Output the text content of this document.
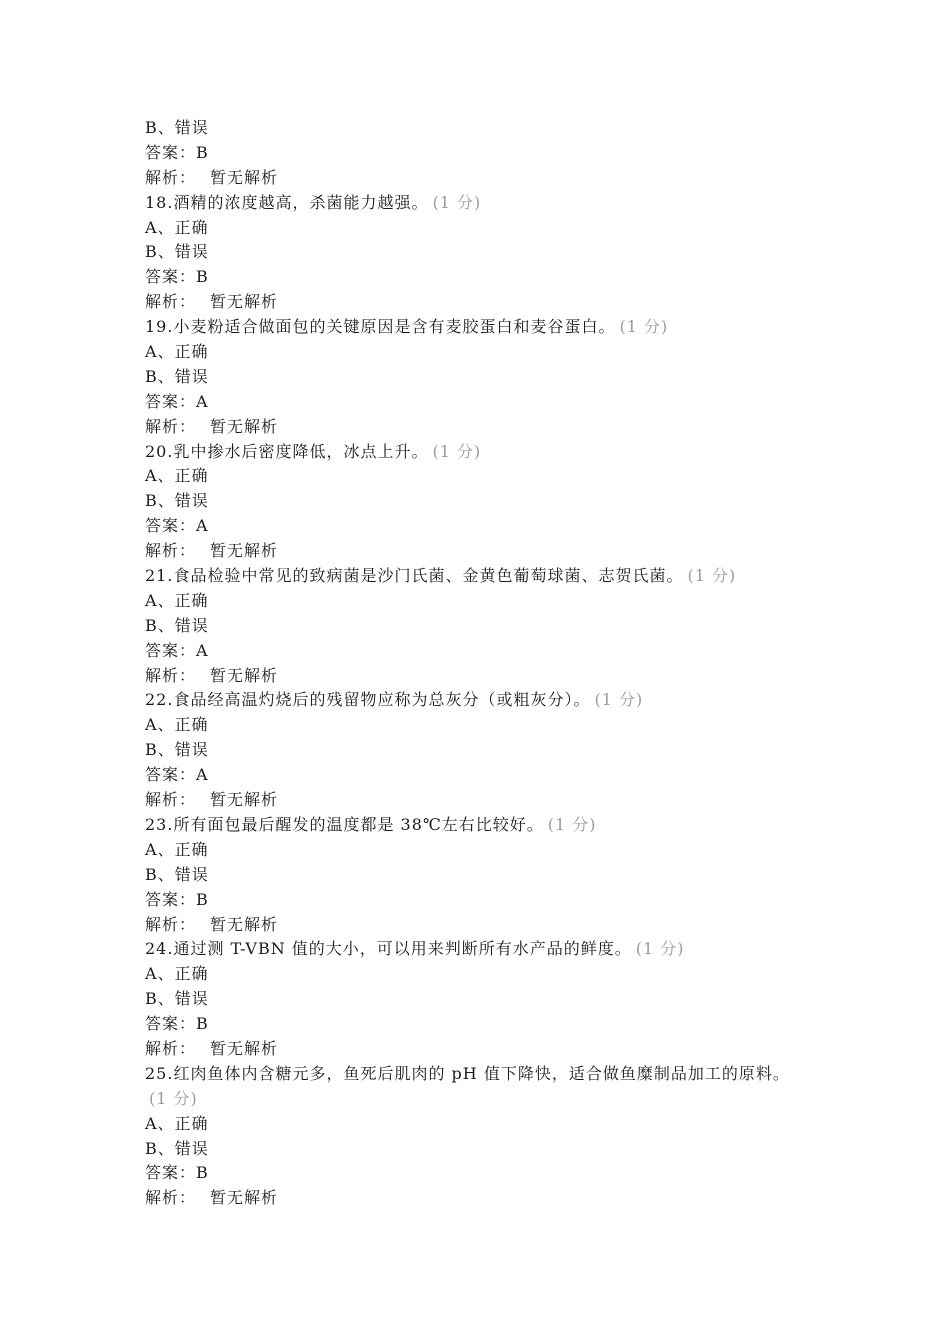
B、错误
答案：B
解析： 暂无解析
18.酒精的浓度越高，杀菌能力越强。 (1 分)
A、正确
B、错误
答案：B
解析： 暂无解析
19.小麦粉适合做面包的关键原因是含有麦胶蛋白和麦谷蛋白。 (1 分)
A、正确
B、错误
答案：A
解析： 暂无解析
20.乳中掺水后密度降低，冰点上升。 (1 分)
A、正确
B、错误
答案：A
解析： 暂无解析
21.食品检验中常见的致病菌是沙门氏菌、金黄色葡萄球菌、志贺氏菌。 (1 分)
A、正确
B、错误
答案：A
解析： 暂无解析
22.食品经高温灼烧后的残留物应称为总灰分（或粗灰分）。 (1 分)
A、正确
B、错误
答案：A
解析： 暂无解析
23.所有面包最后醒发的温度都是 38℃左右比较好。 (1 分)
A、正确
B、错误
答案：B
解析： 暂无解析
24.通过测 T-VBN 值的大小，可以用来判断所有水产品的鲜度。 (1 分)
A、正确
B、错误
答案：B
解析： 暂无解析
25.红肉鱼体内含糖元多，鱼死后肌肉的 pH 值下降快，适合做鱼糜制品加工的原料。(1 分)
A、正确
B、错误
答案：B
解析： 暂无解析
